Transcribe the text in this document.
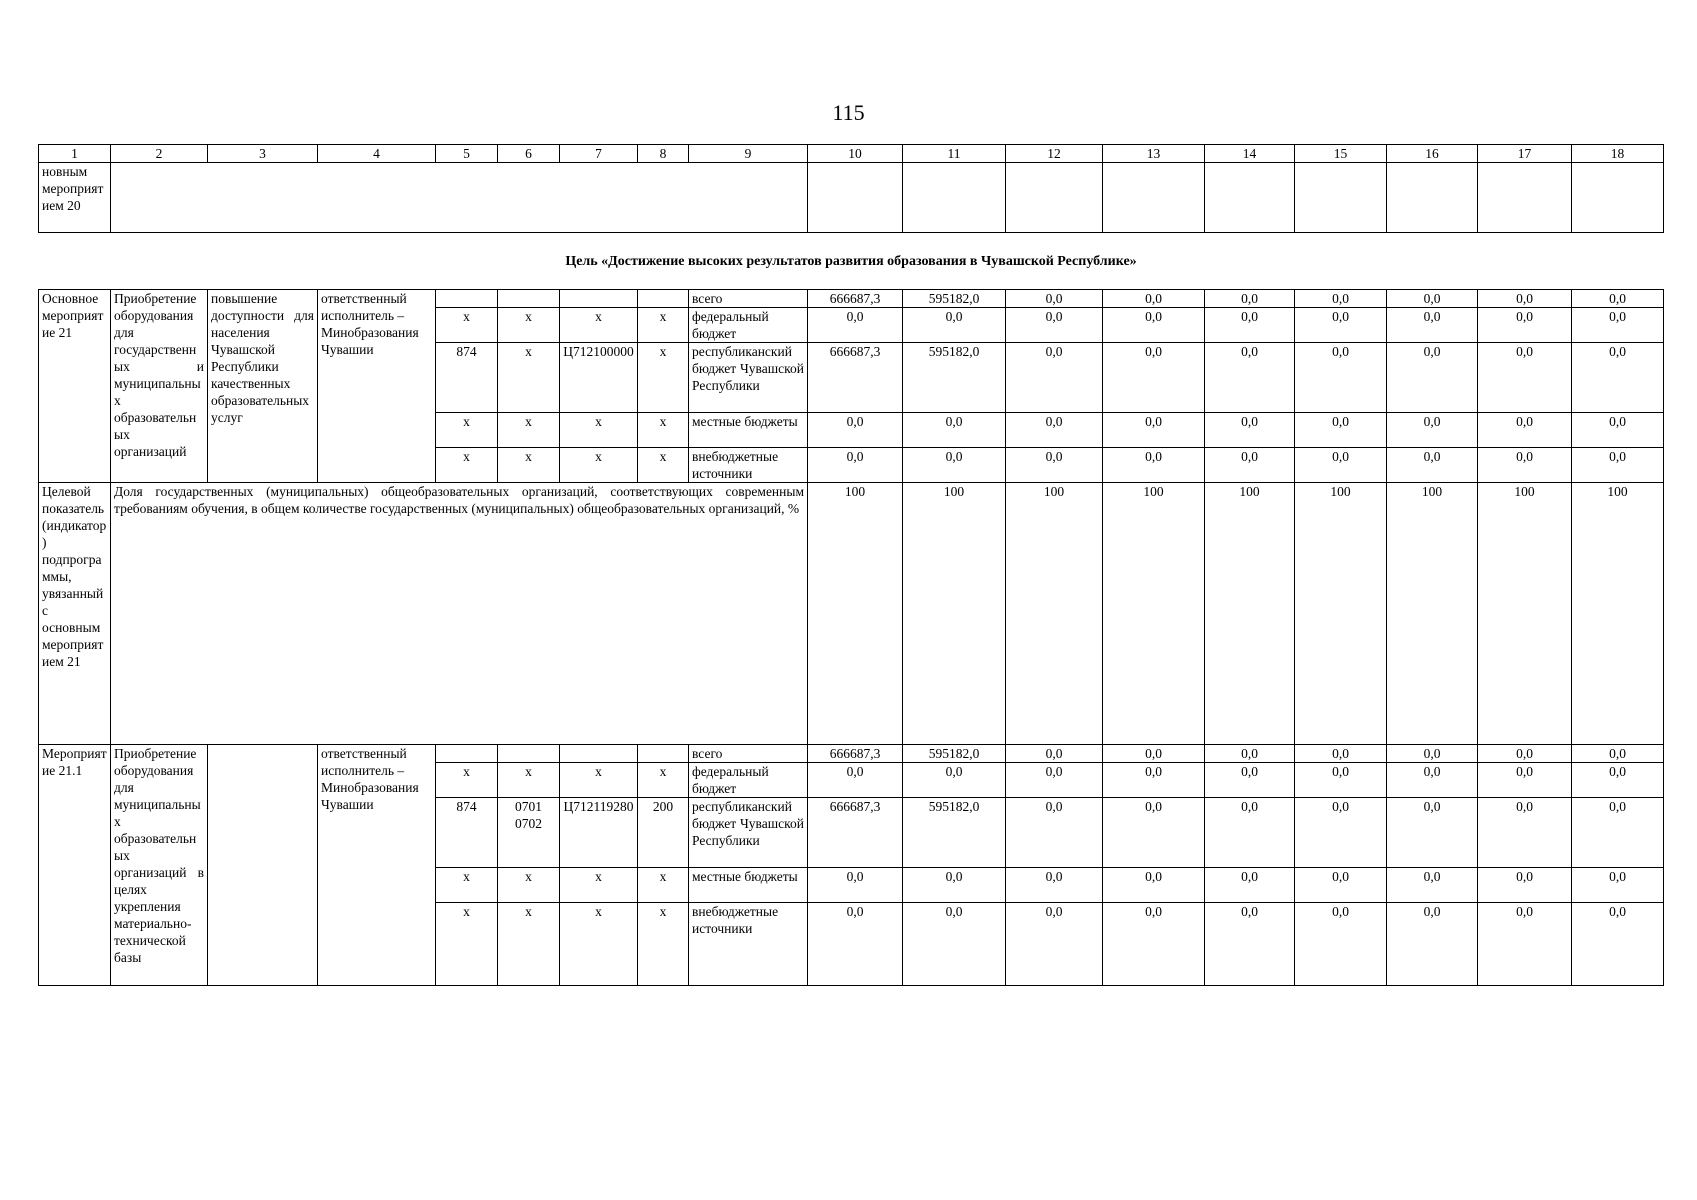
115
1	2	3	4	5	6	7	8	9	10	11	12	13	14	15	16	17	18
новным мероприятием 20																	
Цель «Достижение высоких результатов развития образования в Чувашской Республике»																	
Основное мероприятие 21	Приобретение оборудования для государственных и муниципальных образовательных организаций	повышение доступности для населения Чувашской Республики качественных образовательных услуг	ответственный исполнитель – Минобразования Чувашии					всего	666687,3	595182,0	0,0	0,0	0,0	0,0	0,0	0,0	0,0
				x	x	x	x	федеральный бюджет	0,0	0,0	0,0	0,0	0,0	0,0	0,0	0,0	0,0
				874	x	Ц712100000	x	республиканский бюджет Чувашской Республики	666687,3	595182,0	0,0	0,0	0,0	0,0	0,0	0,0	0,0
				x	x	x	x	местные бюджеты	0,0	0,0	0,0	0,0	0,0	0,0	0,0	0,0	0,0
				x	x	x	x	внебюджетные источники	0,0	0,0	0,0	0,0	0,0	0,0	0,0	0,0	0,0
Целевой показатель (индикатор) подпрограммы, увязанный с основным мероприятием 21	Доля государственных (муниципальных) общеобразовательных организаций, соответствующих современным требованиям обучения, в общем количестве государственных (муниципальных) общеобразовательных организаций, %								100	100	100	100	100	100	100	100	100
Мероприятие 21.1	Приобретение оборудования для муниципальных образовательных организаций в целях укрепления материально-технической базы		ответственный исполнитель – Минобразования Чувашии					всего	666687,3	595182,0	0,0	0,0	0,0	0,0	0,0	0,0	0,0
				x	x	x	x	федеральный бюджет	0,0	0,0	0,0	0,0	0,0	0,0	0,0	0,0	0,0
				874	0701 0702	Ц712119280	200	республиканский бюджет Чувашской Республики	666687,3	595182,0	0,0	0,0	0,0	0,0	0,0	0,0	0,0
				x	x	x	x	местные бюджеты	0,0	0,0	0,0	0,0	0,0	0,0	0,0	0,0	0,0
				x	x	x	x	внебюджетные источники	0,0	0,0	0,0	0,0	0,0	0,0	0,0	0,0	0,0
